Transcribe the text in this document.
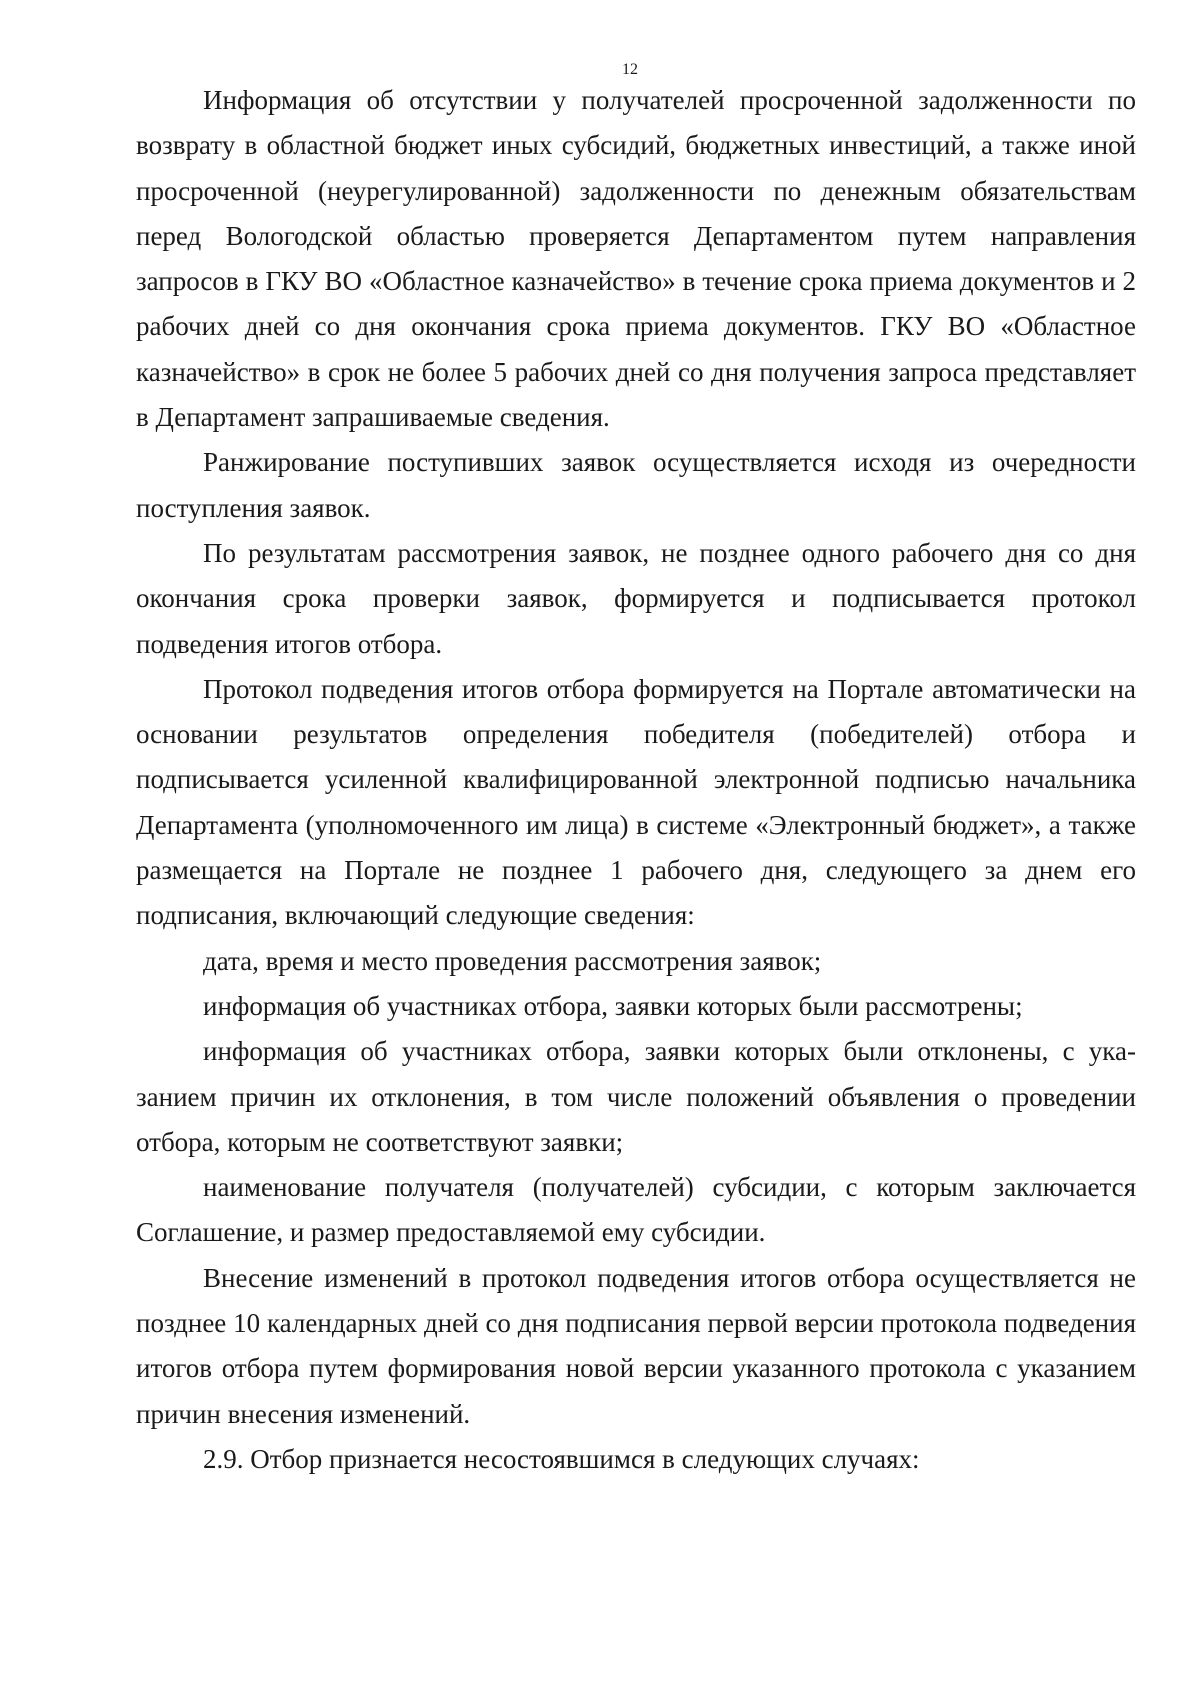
12

Информация об отсутствии у получателей просроченной задолженности по возврату в областной бюджет иных субсидий, бюджетных инвестиций, а также иной просроченной (неурегулированной) задолженности по денежным обязательствам перед Вологодской областью проверяется Департаментом путем направления запросов в ГКУ ВО «Областное казначейство» в течение срока приема документов и 2 рабочих дней со дня окончания срока приема документов. ГКУ ВО «Областное казначейство» в срок не более 5 рабочих дней со дня получения запроса представляет в Департамент запрашиваемые сведения.

Ранжирование поступивших заявок осуществляется исходя из очередности поступления заявок.

По результатам рассмотрения заявок, не позднее одного рабочего дня со дня окончания срока проверки заявок, формируется и подписывается протокол подведения итогов отбора.

Протокол подведения итогов отбора формируется на Портале автоматически на основании результатов определения победителя (победителей) отбора и подписывается усиленной квалифицированной электронной подписью начальника Департамента (уполномоченного им лица) в системе «Электронный бюджет», а также размещается на Портале не позднее 1 рабочего дня, следующего за днем его подписания, включающий следующие сведения:

дата, время и место проведения рассмотрения заявок;

информация об участниках отбора, заявки которых были рассмотрены;

информация об участниках отбора, заявки которых были отклонены, с указанием причин их отклонения, в том числе положений объявления о проведении отбора, которым не соответствуют заявки;

наименование получателя (получателей) субсидии, с которым заключается Соглашение, и размер предоставляемой ему субсидии.

Внесение изменений в протокол подведения итогов отбора осуществляется не позднее 10 календарных дней со дня подписания первой версии протокола подведения итогов отбора путем формирования новой версии указанного протокола с указанием причин внесения изменений.

2.9. Отбор признается несостоявшимся в следующих случаях:
